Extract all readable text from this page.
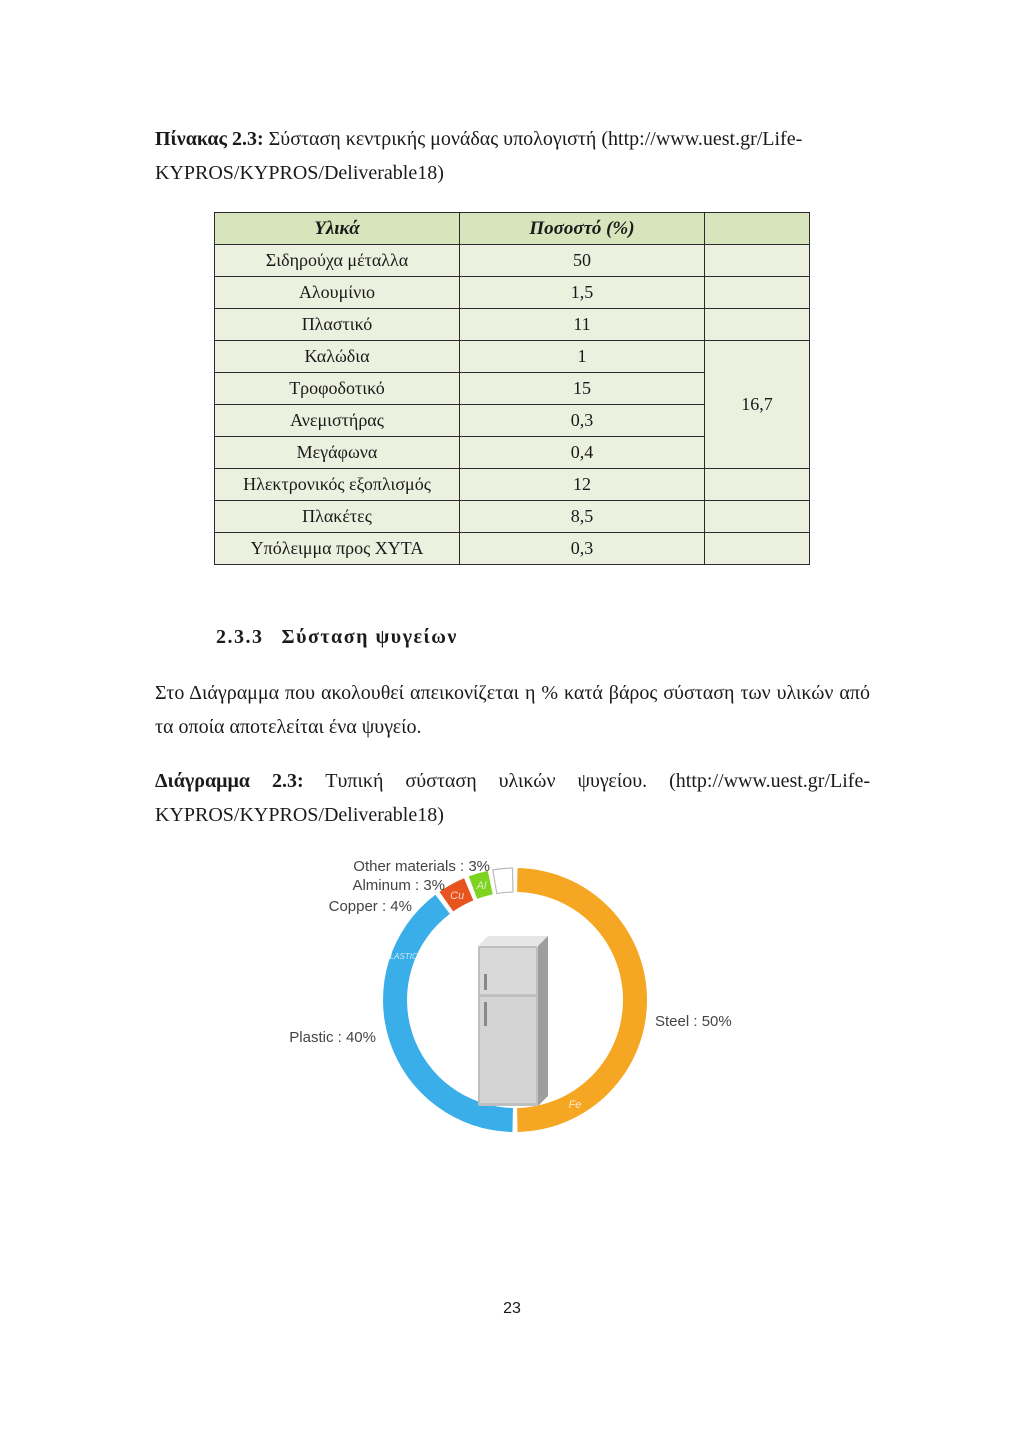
Πίνακας 2.3: Σύσταση κεντρικής μονάδας υπολογιστή (http://www.uest.gr/Life-KYPROS/KYPROS/Deliverable18)
Υλικά	Ποσοστό (%)	
Σιδηρούχα μέταλλα	50	
Αλουμίνιο	1,5	
Πλαστικό	11	
Καλώδια	1	16,7
Τροφοδοτικό	15	
Ανεμιστήρας	0,3	
Μεγάφωνα	0,4	
Ηλεκτρονικός εξοπλισμός	12	
Πλακέτες	8,5	
Υπόλειμμα προς ΧΥΤΑ	0,3	
2.3.3 Σύσταση ψυγείων
Στο Διάγραμμα που ακολουθεί απεικονίζεται η % κατά βάρος σύσταση των υλικών από τα οποία αποτελείται ένα ψυγείο.
Διάγραμμα 2.3: Τυπική σύσταση υλικών ψυγείου. (http://www.uest.gr/Life-KYPROS/KYPROS/Deliverable18)
Fe
PLASTICS
Cu
Al
Steel : 50%
Plastic : 40%
Copper : 4%
Alminum : 3%
Other materials : 3%
23
